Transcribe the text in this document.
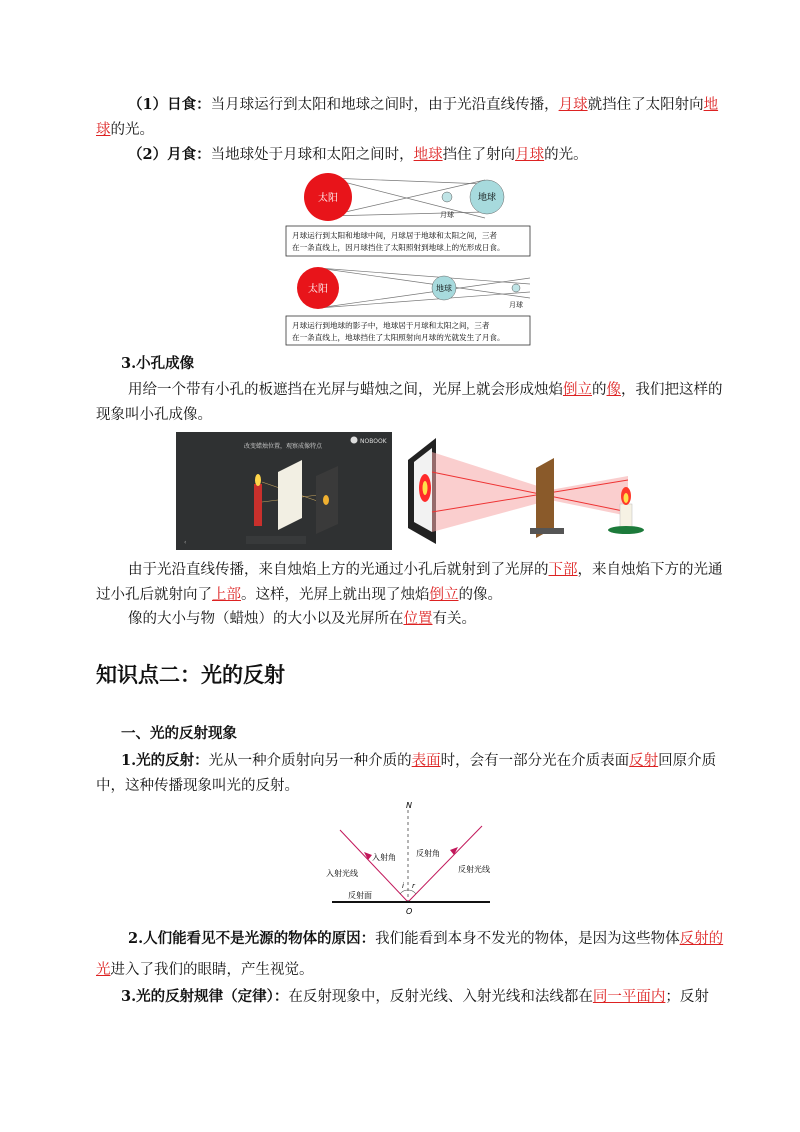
（1）日食：当月球运行到太阳和地球之间时，由于光沿直线传播，月球就挡住了太阳射向地
球的光。
（2）月食：当地球处于月球和太阳之间时，地球挡住了射向月球的光。
太阳
月球
地球
月球运行到太阳和地球中间，月球居于地球和太阳之间，三者
在一条直线上，因月球挡住了太阳照射到地球上的光形成日食。
太阳	地球
月球
月球运行到地球的影子中，地球居于月球和太阳之间，三者
在一条直线上，地球挡住了太阳照射向月球的光就发生了月食。
3.小孔成像
用给一个带有小孔的板遮挡在光屏与蜡烛之间，光屏上就会形成烛焰倒立的像，我们把这样的
现象叫小孔成像。
改变蜡烛位置，观察成像特点
NOBOOK
‹
由于光沿直线传播，来自烛焰上方的光通过小孔后就射到了光屏的下部，来自烛焰下方的光通
过小孔后就射向了上部。这样，光屏上就出现了烛焰倒立的像。
像的大小与物（蜡烛）的大小以及光屏所在位置有关。
知识点二：光的反射
一、光的反射现象
1.光的反射：光从一种介质射向另一种介质的表面时，会有一部分光在介质表面反射回原介质
中，这种传播现象叫光的反射。
N
i r
O
入射角	反射角
入射光线	反射光线
反射面
2.人们能看见不是光源的物体的原因：我们能看到本身不发光的物体，是因为这些物体反射的
光进入了我们的眼睛，产生视觉。
3.光的反射规律（定律）：在反射现象中，反射光线、入射光线和法线都在同一平面内；反射
